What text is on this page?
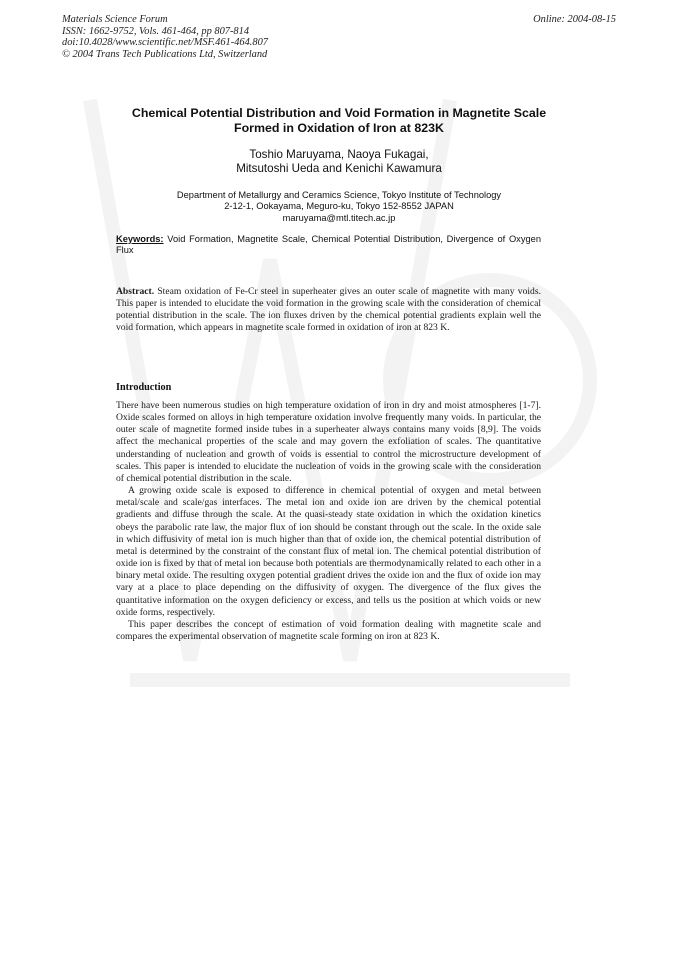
Materials Science Forum
ISSN: 1662-9752, Vols. 461-464, pp 807-814
doi:10.4028/www.scientific.net/MSF.461-464.807
© 2004 Trans Tech Publications Ltd, Switzerland
Online: 2004-08-15
Chemical Potential Distribution and Void Formation in Magnetite Scale
Formed in Oxidation of Iron at 823K
Toshio Maruyama, Naoya Fukagai,
Mitsutoshi Ueda and Kenichi Kawamura
Department of Metallurgy and Ceramics Science, Tokyo Institute of Technology
2-12-1, Ookayama, Meguro-ku, Tokyo 152-8552 JAPAN
maruyama@mtl.titech.ac.jp
Keywords: Void Formation, Magnetite Scale, Chemical Potential Distribution, Divergence of Oxygen Flux
Abstract. Steam oxidation of Fe-Cr steel in superheater gives an outer scale of magnetite with many voids. This paper is intended to elucidate the void formation in the growing scale with the consideration of chemical potential distribution in the scale. The ion fluxes driven by the chemical potential gradients explain well the void formation, which appears in magnetite scale formed in oxidation of iron at 823 K.
Introduction

There have been numerous studies on high temperature oxidation of iron in dry and moist atmospheres [1-7]. Oxide scales formed on alloys in high temperature oxidation involve frequently many voids. In particular, the outer scale of magnetite formed inside tubes in a superheater always contains many voids [8,9]. The voids affect the mechanical properties of the scale and may govern the exfoliation of scales. The quantitative understanding of nucleation and growth of voids is essential to control the microstructure development of scales. This paper is intended to elucidate the nucleation of voids in the growing scale with the consideration of chemical potential distribution in the scale.

A growing oxide scale is exposed to difference in chemical potential of oxygen and metal between metal/scale and scale/gas interfaces. The metal ion and oxide ion are driven by the chemical potential gradients and diffuse through the scale. At the quasi-steady state oxidation in which the oxidation kinetics obeys the parabolic rate law, the major flux of ion should be constant through out the scale. In the oxide sale in which diffusivity of metal ion is much higher than that of oxide ion, the chemical potential distribution of metal is determined by the constraint of the constant flux of metal ion. The chemical potential distribution of oxide ion is fixed by that of metal ion because both potentials are thermodynamically related to each other in a binary metal oxide. The resulting oxygen potential gradient drives the oxide ion and the flux of oxide ion may vary at a place to place depending on the diffusivity of oxygen. The divergence of the flux gives the quantitative information on the oxygen deficiency or excess, and tells us the position at which voids or new oxide forms, respectively.

This paper describes the concept of estimation of void formation dealing with magnetite scale and compares the experimental observation of magnetite scale forming on iron at 823 K.
